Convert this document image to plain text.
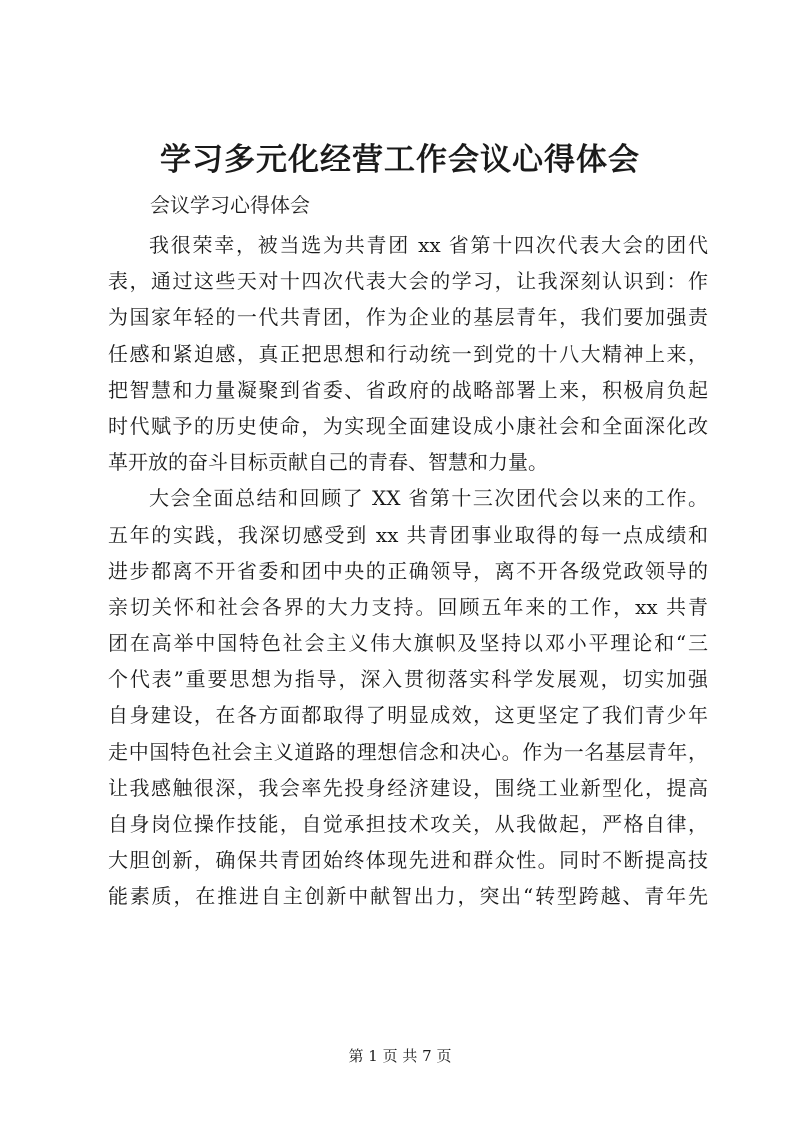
学习多元化经营工作会议心得体会

会议学习心得体会

我很荣幸，被当选为共青团 xx 省第十四次代表大会的团代
表，通过这些天对十四次代表大会的学习，让我深刻认识到：作
为国家年轻的一代共青团，作为企业的基层青年，我们要加强责
任感和紧迫感，真正把思想和行动统一到党的十八大精神上来，
把智慧和力量凝聚到省委、省政府的战略部署上来，积极肩负起
时代赋予的历史使命，为实现全面建设成小康社会和全面深化改
革开放的奋斗目标贡献自己的青春、智慧和力量。
大会全面总结和回顾了 XX 省第十三次团代会以来的工作。
五年的实践，我深切感受到 xx 共青团事业取得的每一点成绩和
进步都离不开省委和团中央的正确领导，离不开各级党政领导的
亲切关怀和社会各界的大力支持。回顾五年来的工作，xx 共青
团在高举中国特色社会主义伟大旗帜及坚持以邓小平理论和“三
个代表”重要思想为指导，深入贯彻落实科学发展观，切实加强
自身建设，在各方面都取得了明显成效，这更坚定了我们青少年
走中国特色社会主义道路的理想信念和决心。作为一名基层青年，
让我感触很深，我会率先投身经济建设，围绕工业新型化，提高
自身岗位操作技能，自觉承担技术攻关，从我做起，严格自律，
大胆创新，确保共青团始终体现先进和群众性。同时不断提高技
能素质，在推进自主创新中献智出力，突出“转型跨越、青年先
第 1 页 共 7 页
